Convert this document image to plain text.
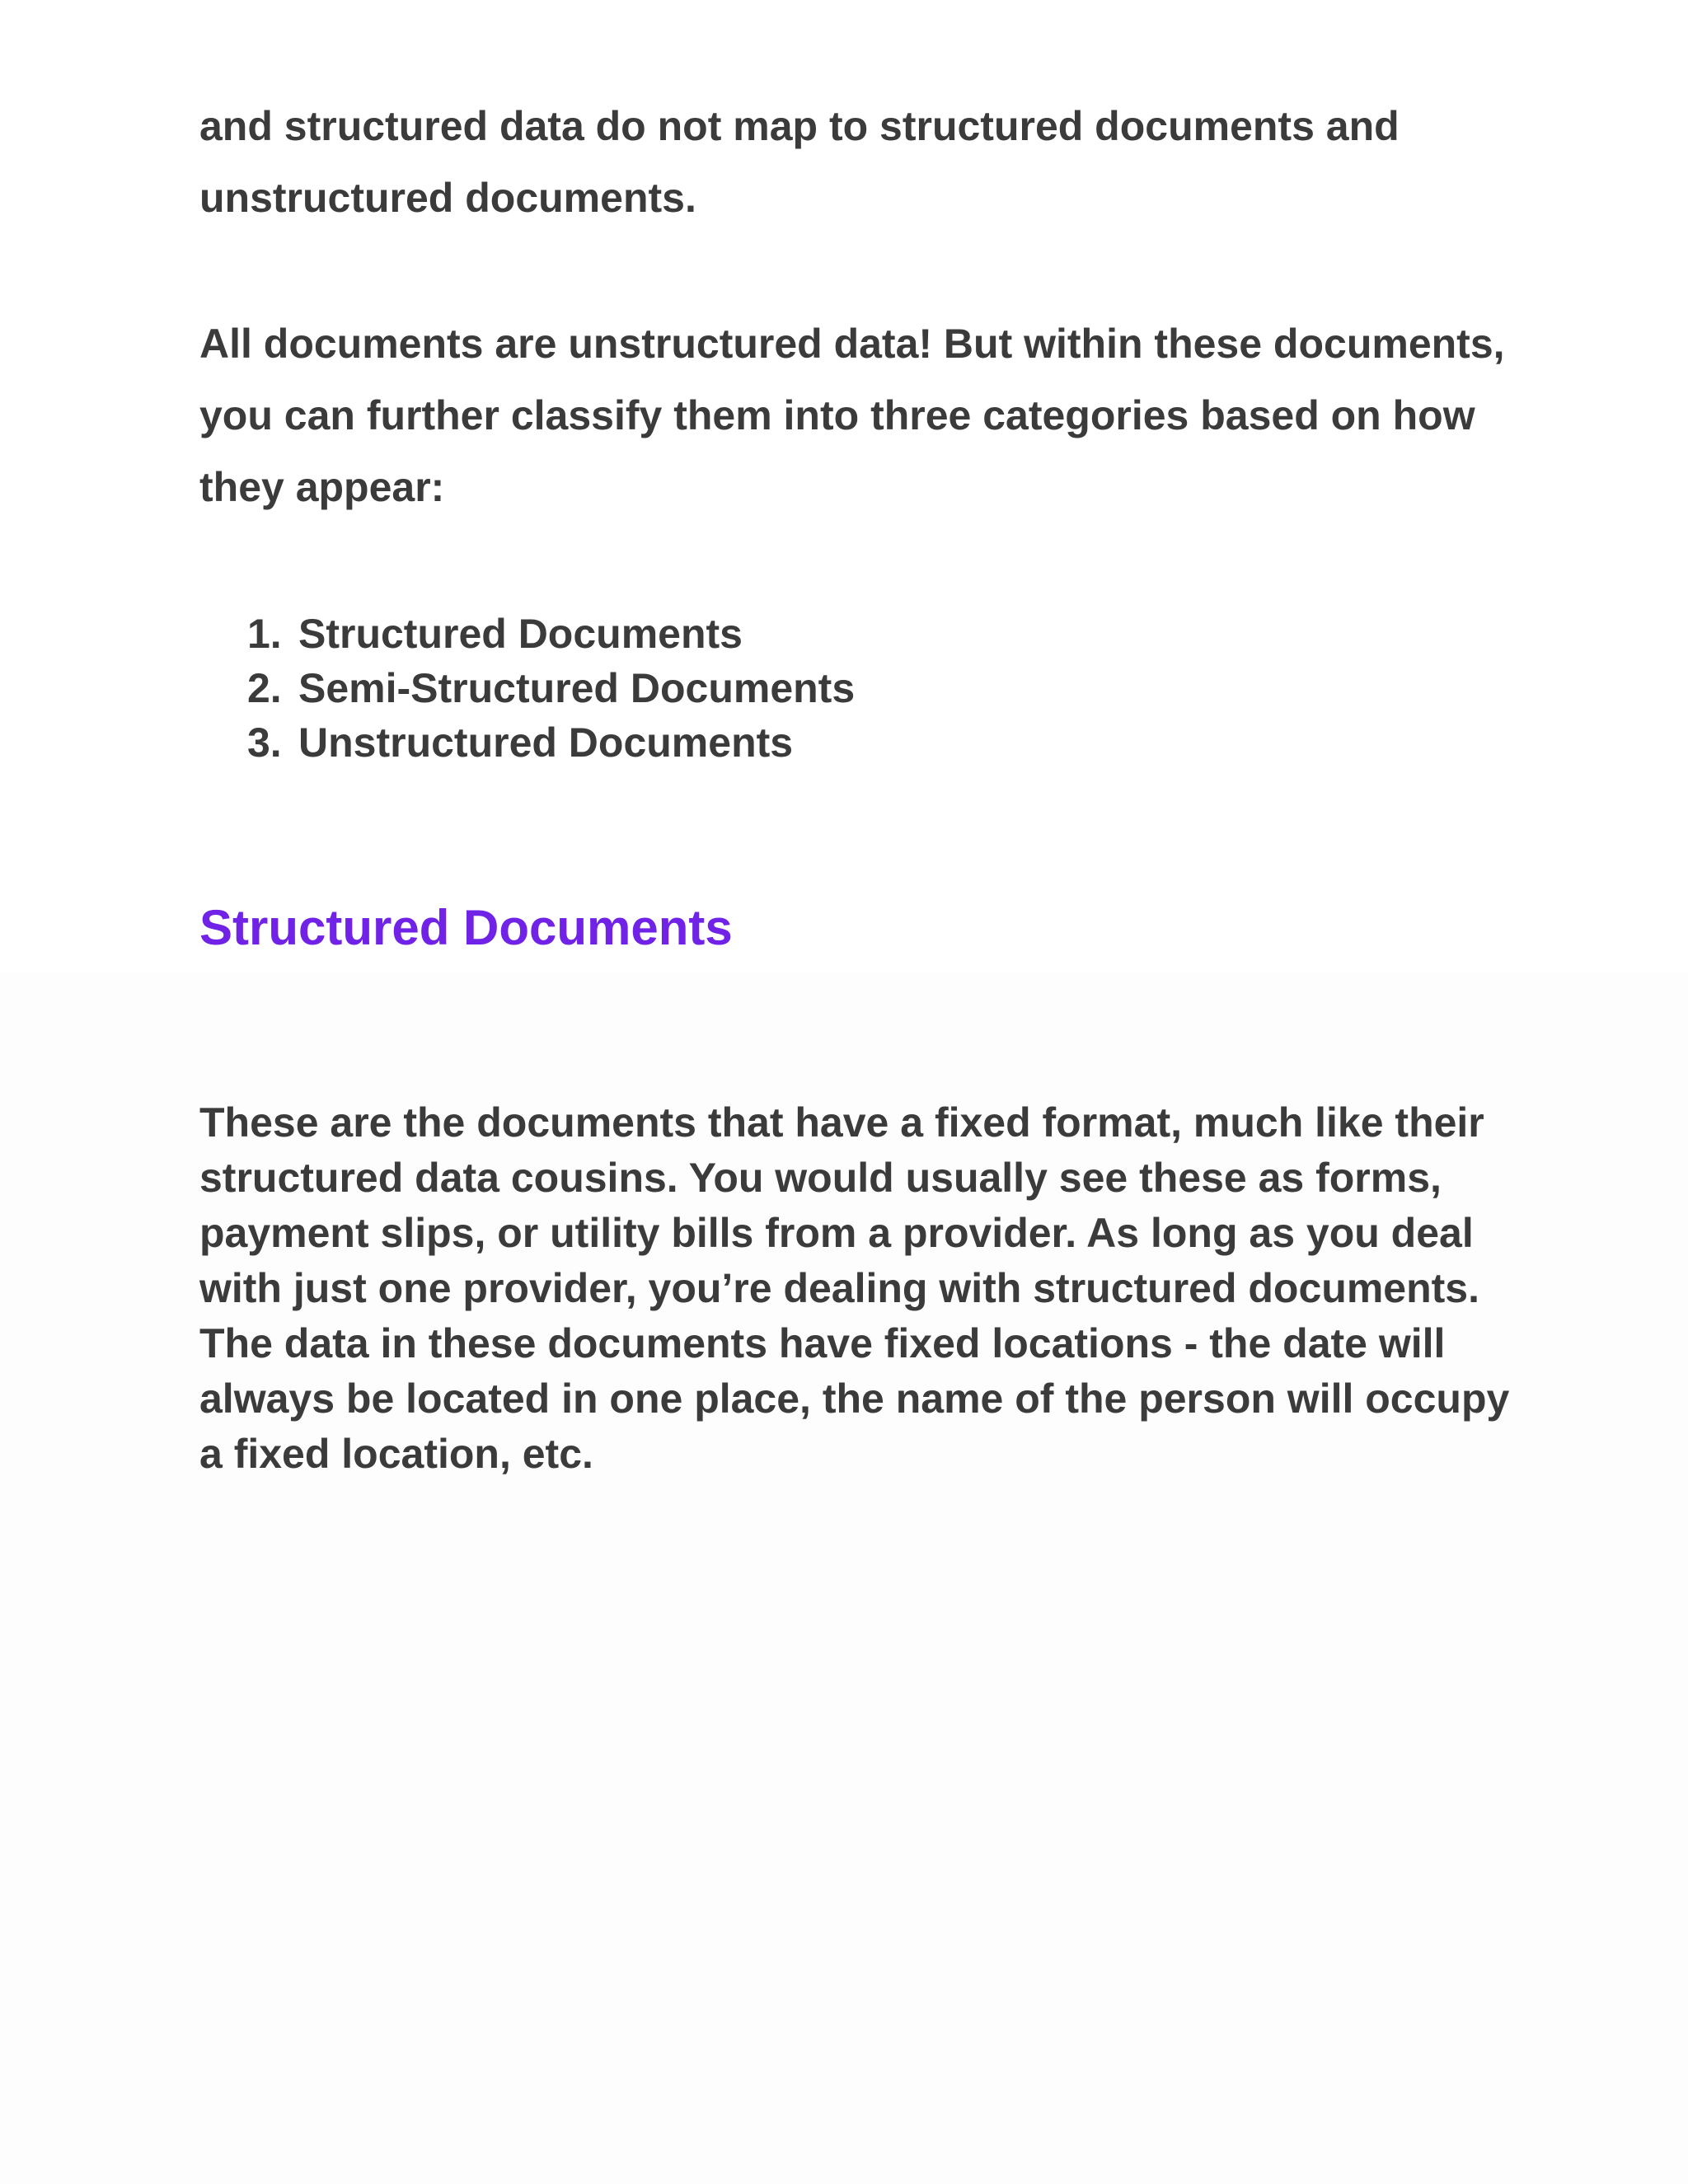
and structured data do not map to structured documents and unstructured documents.

All documents are unstructured data! But within these documents, you can further classify them into three categories based on how they appear:

1. Structured Documents
2. Semi-Structured Documents
3. Unstructured Documents
Structured Documents

These are the documents that have a fixed format, much like their structured data cousins. You would usually see these as forms, payment slips, or utility bills from a provider. As long as you deal with just one provider, you’re dealing with structured documents. The data in these documents have fixed locations - the date will always be located in one place, the name of the person will occupy a fixed location, etc.
